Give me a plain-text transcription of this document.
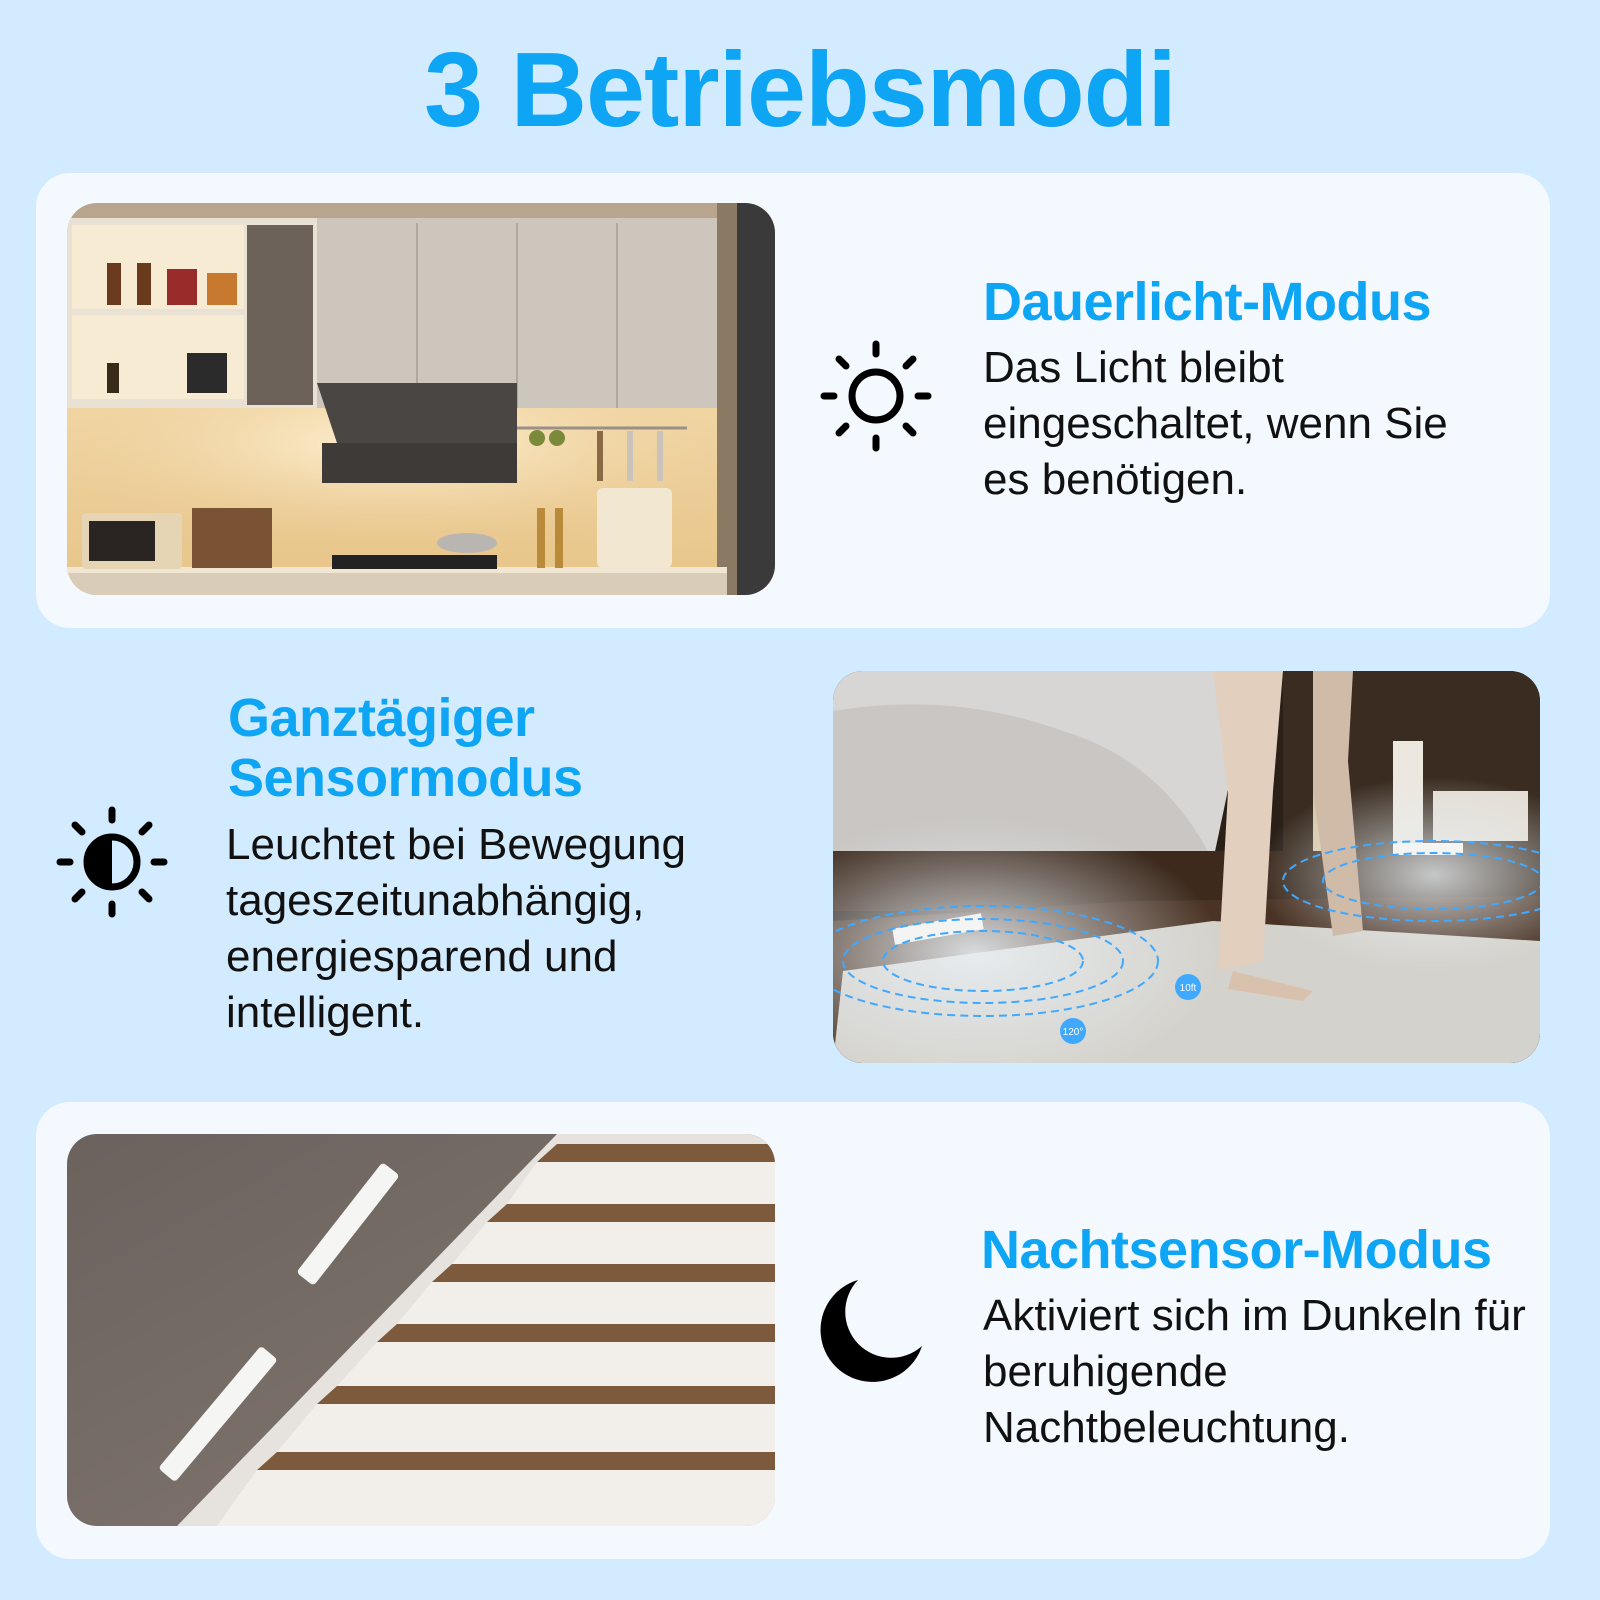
3 Betriebsmodi
10ft
120°
Dauerlicht-Modus

Das Licht bleibt eingeschaltet, wenn Sie es benötigen.

Ganztägiger Sensormodus

Leuchtet bei Bewegung tageszeitunabhängig, energiesparend und intelligent.

Nachtsensor-Modus

Aktiviert sich im Dunkeln für beruhigende Nachtbeleuchtung.
